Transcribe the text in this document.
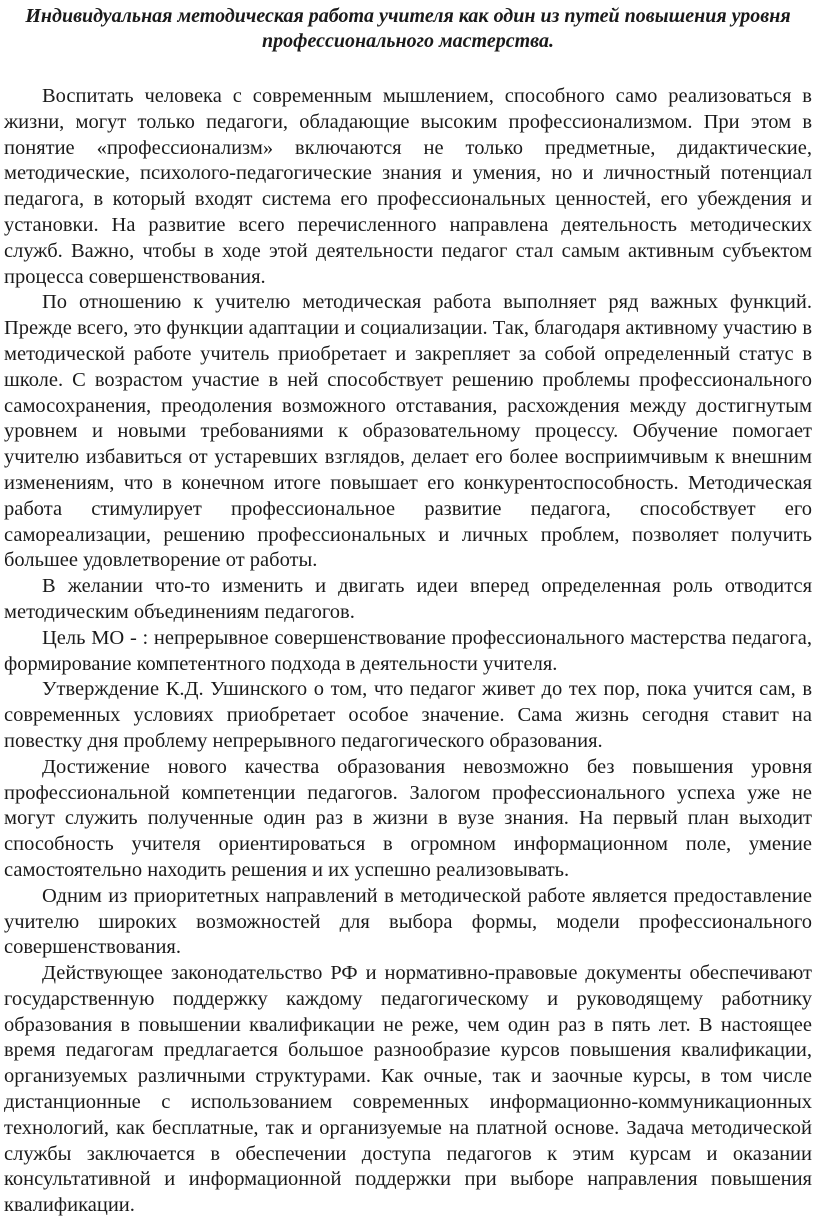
Индивидуальная методическая работа учителя как один из путей повышения уровня профессионального мастерства.

Воспитать человека с современным мышлением, способного само реализоваться в жизни, могут только педагоги, обладающие высоким профессионализмом. При этом в понятие «профессионализм» включаются не только предметные, дидактические, методические, психолого-педагогические знания и умения, но и личностный потенциал педагога, в который входят система его профессиональных ценностей, его убеждения и установки. На развитие всего перечисленного направлена деятельность методических служб. Важно, чтобы в ходе этой деятельности педагог стал самым активным субъектом процесса совершенствования.

По отношению к учителю методическая работа выполняет ряд важных функций. Прежде всего, это функции адаптации и социализации. Так, благодаря активному участию в методической работе учитель приобретает и закрепляет за собой определенный статус в школе. С возрастом участие в ней способствует решению проблемы профессионального самосохранения, преодоления возможного отставания, расхождения между достигнутым уровнем и новыми требованиями к образовательному процессу. Обучение помогает учителю избавиться от устаревших взглядов, делает его более восприимчивым к внешним изменениям, что в конечном итоге повышает его конкурентоспособность. Методическая работа стимулирует профессиональное развитие педагога, способствует его самореализации, решению профессиональных и личных проблем, позволяет получить большее удовлетворение от работы.

В желании что-то изменить и двигать идеи вперед определенная роль отводится методическим объединениям педагогов.

Цель МО - : непрерывное совершенствование профессионального мастерства педагога, формирование компетентного подхода в деятельности учителя.

Утверждение К.Д. Ушинского о том, что педагог живет до тех пор, пока учится сам, в современных условиях приобретает особое значение. Сама жизнь сегодня ставит на повестку дня проблему непрерывного педагогического образования.

Достижение нового качества образования невозможно без повышения уровня профессиональной компетенции педагогов. Залогом профессионального успеха уже не могут служить полученные один раз в жизни в вузе знания. На первый план выходит способность учителя ориентироваться в огромном информационном поле, умение самостоятельно находить решения и их успешно реализовывать.

Одним из приоритетных направлений в методической работе является предоставление учителю широких возможностей для выбора формы, модели профессионального совершенствования.

Действующее законодательство РФ и нормативно-правовые документы обеспечивают государственную поддержку каждому педагогическому и руководящему работнику образования в повышении квалификации не реже, чем один раз в пять лет. В настоящее время педагогам предлагается большое разнообразие курсов повышения квалификации, организуемых различными структурами. Как очные, так и заочные курсы, в том числе дистанционные с использованием современных информационно-коммуникационных технологий, как бесплатные, так и организуемые на платной основе. Задача методической службы заключается в обеспечении доступа педагогов к этим курсам и оказании консультативной и информационной поддержки при выборе направления повышения квалификации.
